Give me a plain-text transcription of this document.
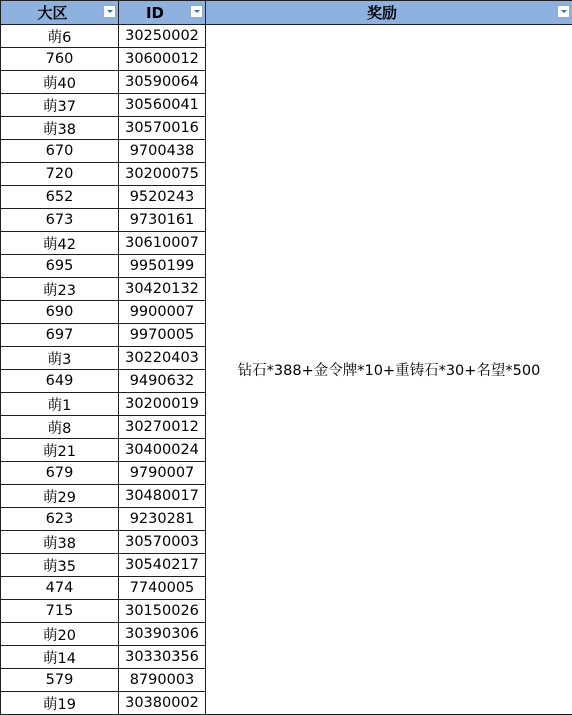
大区	ID	奖励

萌6	30250002	钻石*388+金令牌*10+重铸石*30+名望*500
760	30600012	
萌40	30590064	
萌37	30560041	
萌38	30570016	
670	9700438	
720	30200075	
652	9520243	
673	9730161	
萌42	30610007	
695	9950199	
萌23	30420132	
690	9900007	
697	9970005	
萌3	30220403	
649	9490632	
萌1	30200019	
萌8	30270012	
萌21	30400024	
679	9790007	
萌29	30480017	
623	9230281	
萌38	30570003	
萌35	30540217	
474	7740005	
715	30150026	
萌20	30390306	
萌14	30330356	
579	8790003	
萌19	30380002	
